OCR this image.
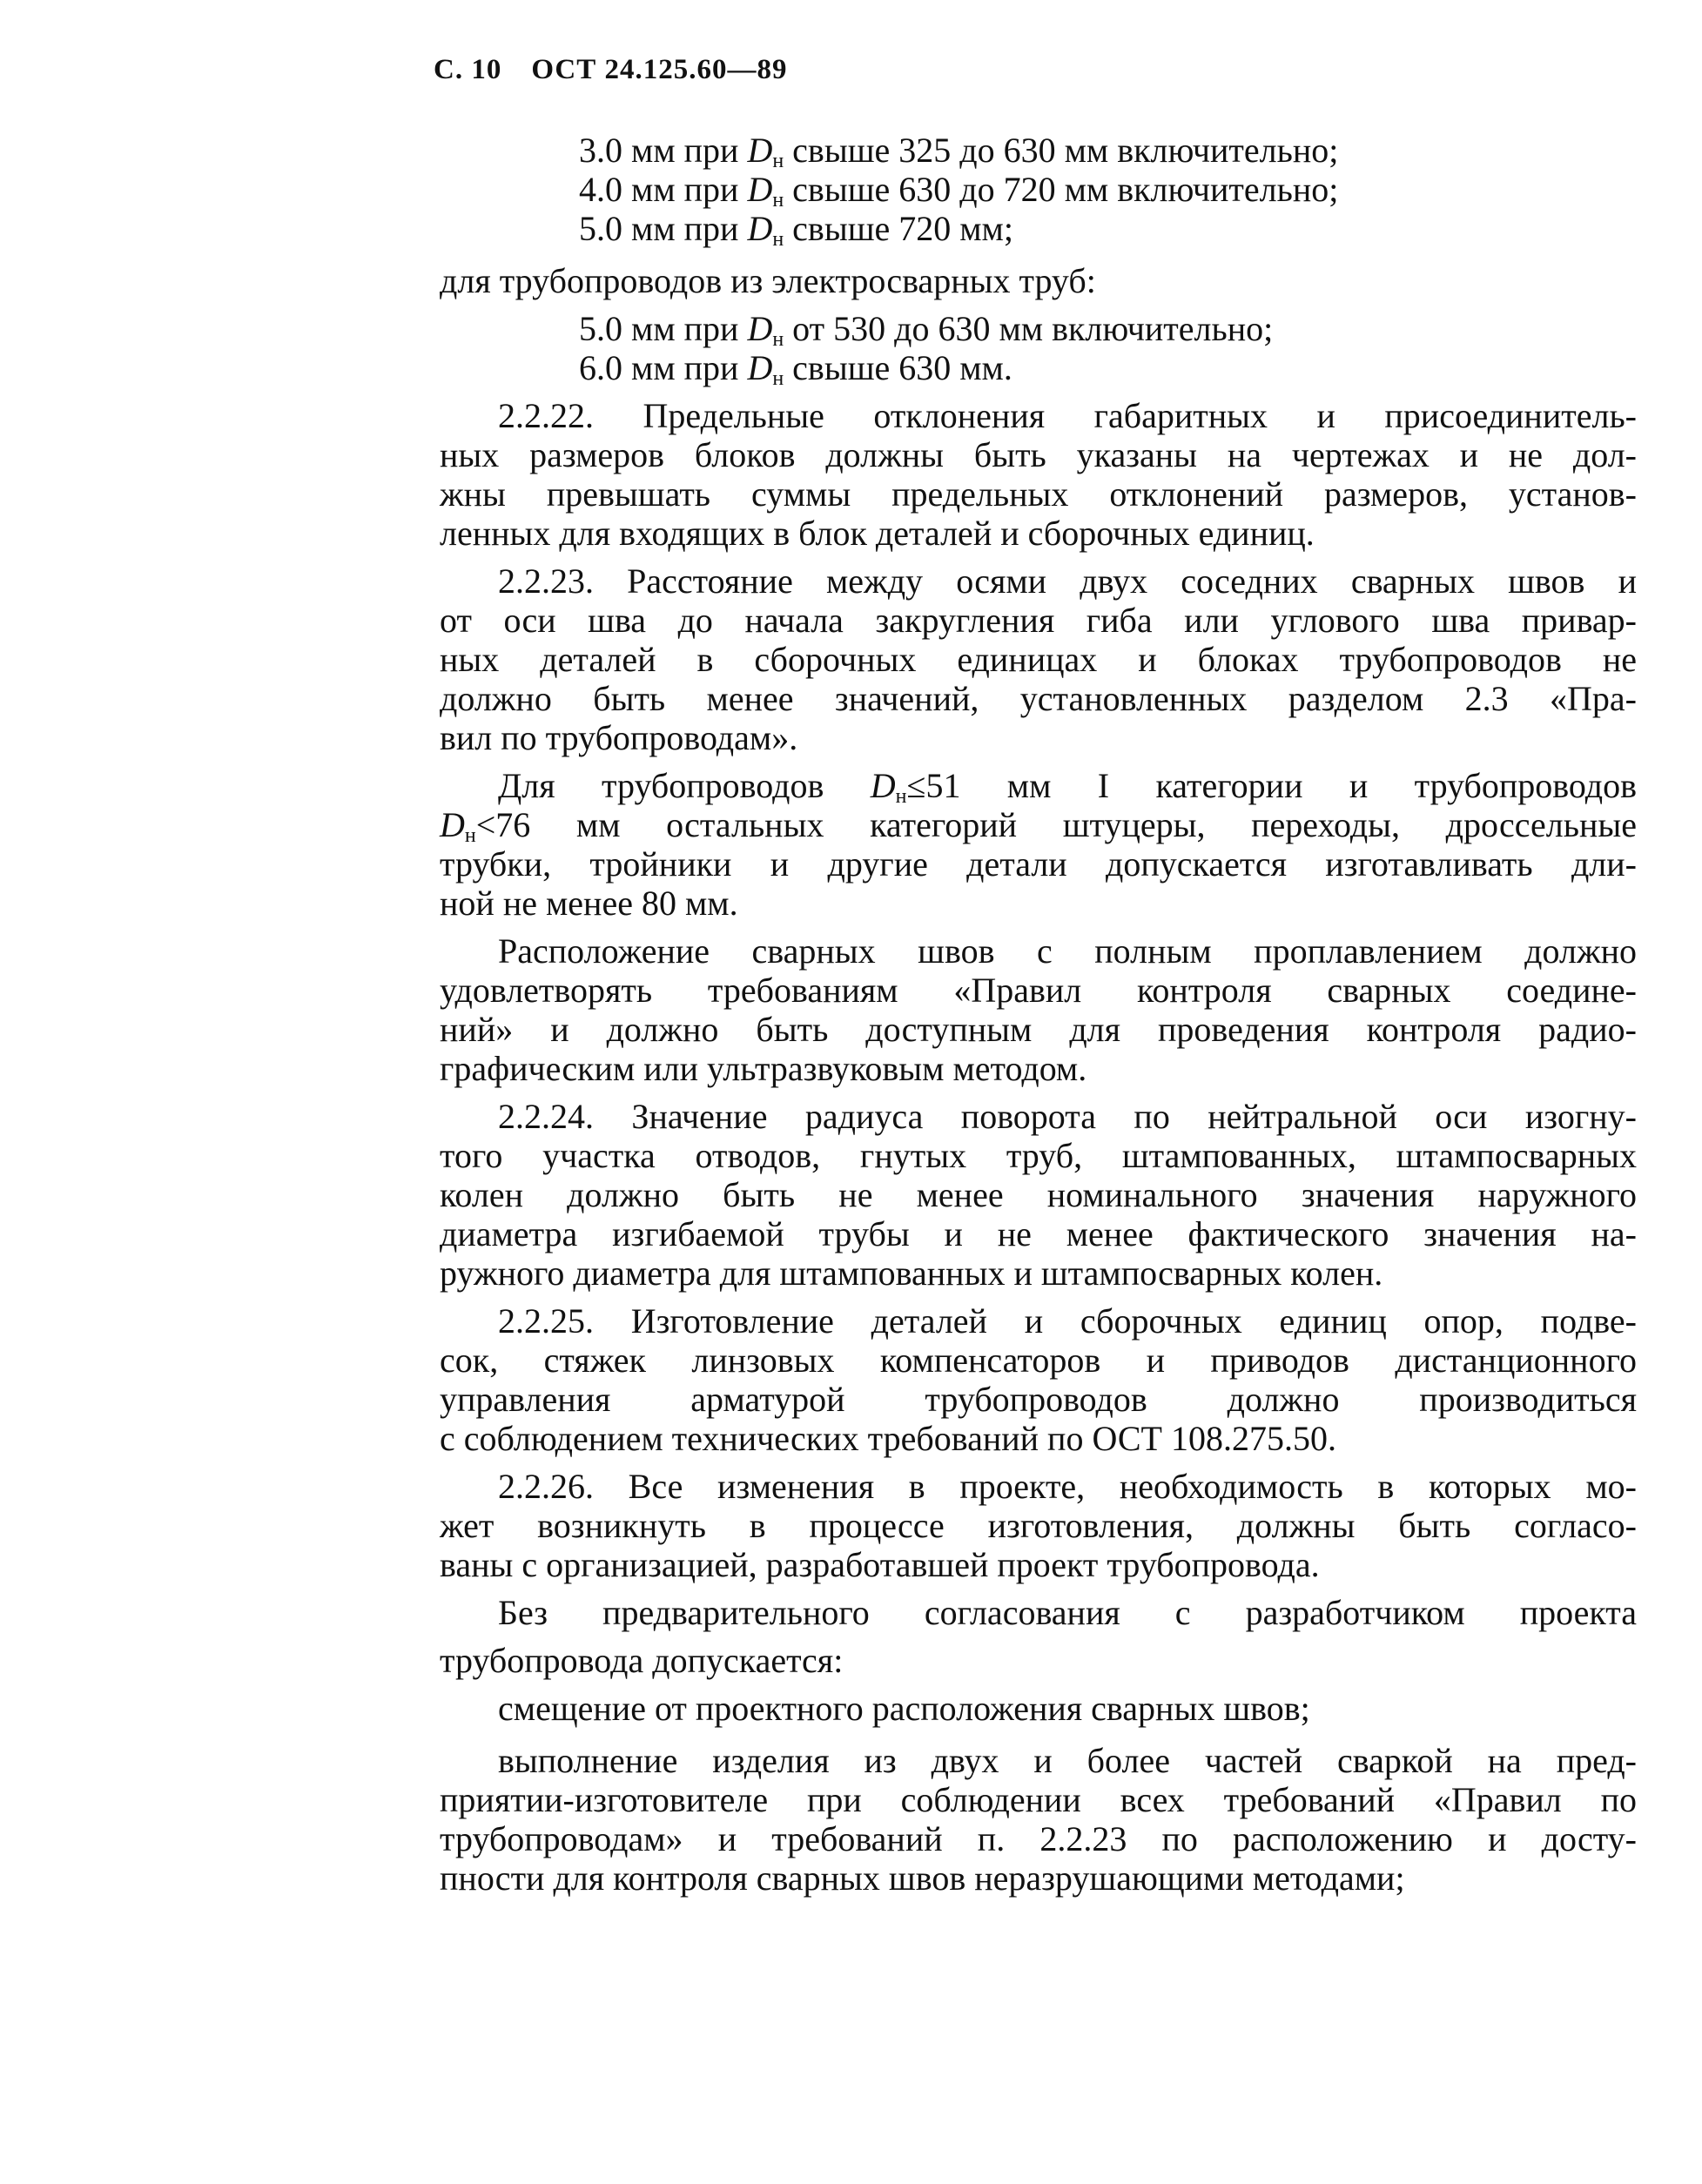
С. 10 ОСТ 24.125.60—89
3.0 мм при $D_н$ свыше 325 до 630 мм включительно;
4.0 мм при $D_н$ свыше 630 до 720 мм включительно;
5.0 мм при $D_н$ свыше 720 мм;
для трубопроводов из электросварных труб:
5.0 мм при $D_н$ от 530 до 630 мм включительно;
6.0 мм при $D_н$ свыше 630 мм.
2.2.22. Предельные отклонения габаритных и присоединитель-
ных размеров блоков должны быть указаны на чертежах и не дол-
жны превышать суммы предельных отклонений размеров, установ-
ленных для входящих в блок деталей и сборочных единиц.
2.2.23. Расстояние между осями двух соседних сварных швов и
от оси шва до начала закругления гиба или углового шва привар-
ных деталей в сборочных единицах и блоках трубопроводов не
должно быть менее значений, установленных разделом 2.3 «Пра-
вил по трубопроводам».
Для трубопроводов $D_н\le 51$ мм I категории и трубопроводов
$D_н<76$ мм остальных категорий штуцеры, переходы, дроссельные
трубки, тройники и другие детали допускается изготавливать дли-
ной не менее 80 мм.
Расположение сварных швов с полным проплавлением должно
удовлетворять требованиям «Правил контроля сварных соедине-
ний» и должно быть доступным для проведения контроля радио-
графическим или ультразвуковым методом.
2.2.24. Значение радиуса поворота по нейтральной оси изогну-
того участка отводов, гнутых труб, штампованных, штампосварных
колен должно быть не менее номинального значения наружного
диаметра изгибаемой трубы и не менее фактического значения на-
ружного диаметра для штампованных и штампосварных колен.
2.2.25. Изготовление деталей и сборочных единиц опор, подве-
сок, стяжек линзовых компенсаторов и приводов дистанционного
управления арматурой трубопроводов должно производиться
с соблюдением технических требований по ОСТ 108.275.50.
2.2.26. Все изменения в проекте, необходимость в которых мо-
жет возникнуть в процессе изготовления, должны быть согласо-
ваны с организацией, разработавшей проект трубопровода.
Без предварительного согласования с разработчиком проекта
трубопровода допускается:
смещение от проектного расположения сварных швов;
выполнение изделия из двух и более частей сваркой на пред-
приятии-изготовителе при соблюдении всех требований «Правил по
трубопроводам» и требований п. 2.2.23 по расположению и досту-
пности для контроля сварных швов неразрушающими методами;
